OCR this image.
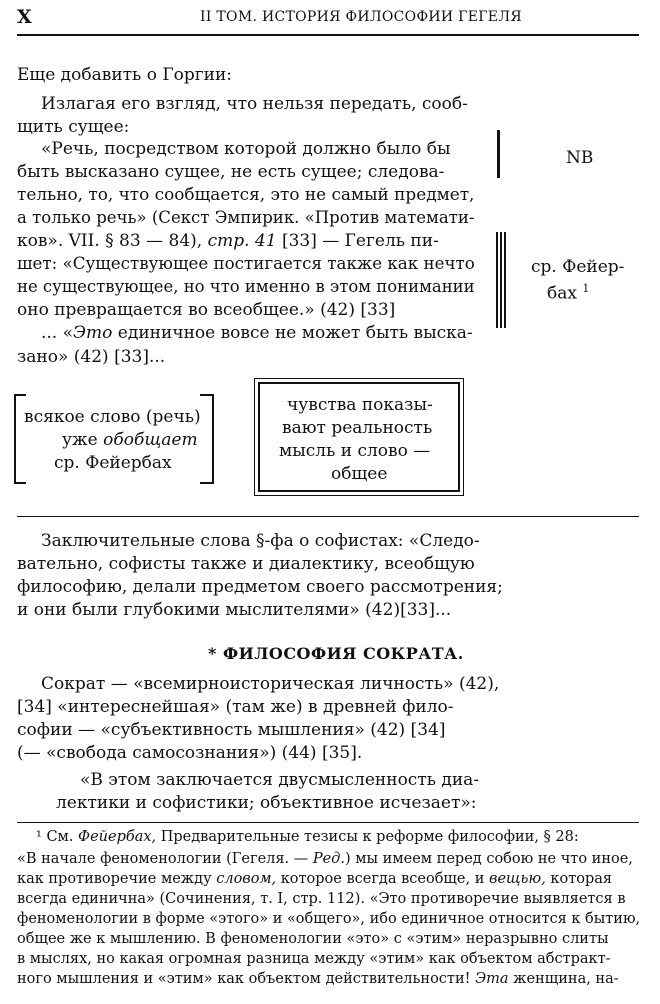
X	II ТОМ. ИСТОРИЯ ФИЛОСОФИИ ГЕГЕЛЯ
Еще добавить о Горгии:
Излагая его взгляд, что нельзя передать, сооб-
щить сущее:
«Речь, посредством которой должно было бы
быть высказано сущее, не есть сущее; следова-
тельно, то, что сообщается, это не самый предмет,
а только речь» (Секст Эмпирик. «Против математи-
ков». VII. § 83 — 84), стр. 41 [33] — Гегель пи-
шет: «Существующее постигается также как нечто
не существующее, но что именно в этом понимании
оно превращается во всеобщее.» (42) [33]
... «Это единичное вовсе не может быть выска-
зано» (42) [33]...
NB
ср. Фейер-
бах $^1$
всякое слово (речь)
уже обобщает
ср. Фейербах
чувства показы-
вают реальность
мысль и слово —
общее
Заключительные слова §-фа о софистах: «Следо-
вательно, софисты также и диалектику, всеобщую
философию, делали предметом своего рассмотрения;
и они были глубокими мыслителями» (42)[33]...
* ФИЛОСОФИЯ СОКРАТА.
Сократ — «всемирноисторическая личность» (42),
[34] «интереснейшая» (там же) в древней фило-
софии — «субъективность мышления» (42) [34]
(— «свобода самосознания») (44) [35].
«В этом заключается двусмысленность диа-
лектики и софистики; объективное исчезает»:
¹ См. Фейербах, Предварительные тезисы к реформе философии, § 28:
«В начале феноменологии (Гегеля. — Ред.) мы имеем перед собою не что иное,
как противоречие между словом, которое всегда всеобще, и вещью, которая
всегда единична» (Сочинения, т. I, стр. 112). «Это противоречие выявляется в
феноменологии в форме «этого» и «общего», ибо единичное относится к бытию,
общее же к мышлению. В феноменологии «это» с «этим» неразрывно слиты
в мыслях, но какая огромная разница между «этим» как объектом абстракт-
ного мышления и «этим» как объектом действительности! Эта женщина, на-
